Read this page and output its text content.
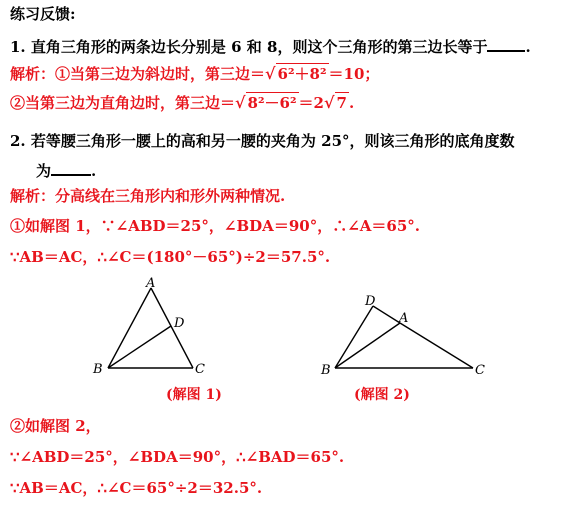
练习反馈:
1. 直角三角形的两条边长分别是 6 和 8，则这个三角形的第三边长等于	.
解析：①当第三边为斜边时，第三边＝√ 6²＋8² ＝10；
②当第三边为直角边时，第三边＝√ 8²－6² ＝2√ 7 .
2. 若等腰三角形一腰上的高和另一腰的夹角为 25°，则该三角形的底角度数
为	.
解析：分高线在三角形内和形外两种情况.
①如解图 1，∵∠ABD＝25°，∠BDA＝90°，∴∠A＝65°.
∵AB＝AC，∴∠C＝(180°－65°)÷2＝57.5°.
A
B	C
D
(解图 1)
D
A
B	C
(解图 2)
②如解图 2，
∵∠ABD＝25°，∠BDA＝90°，∴∠BAD＝65°.
∵AB＝AC，∴∠C＝65°÷2＝32.5°.
